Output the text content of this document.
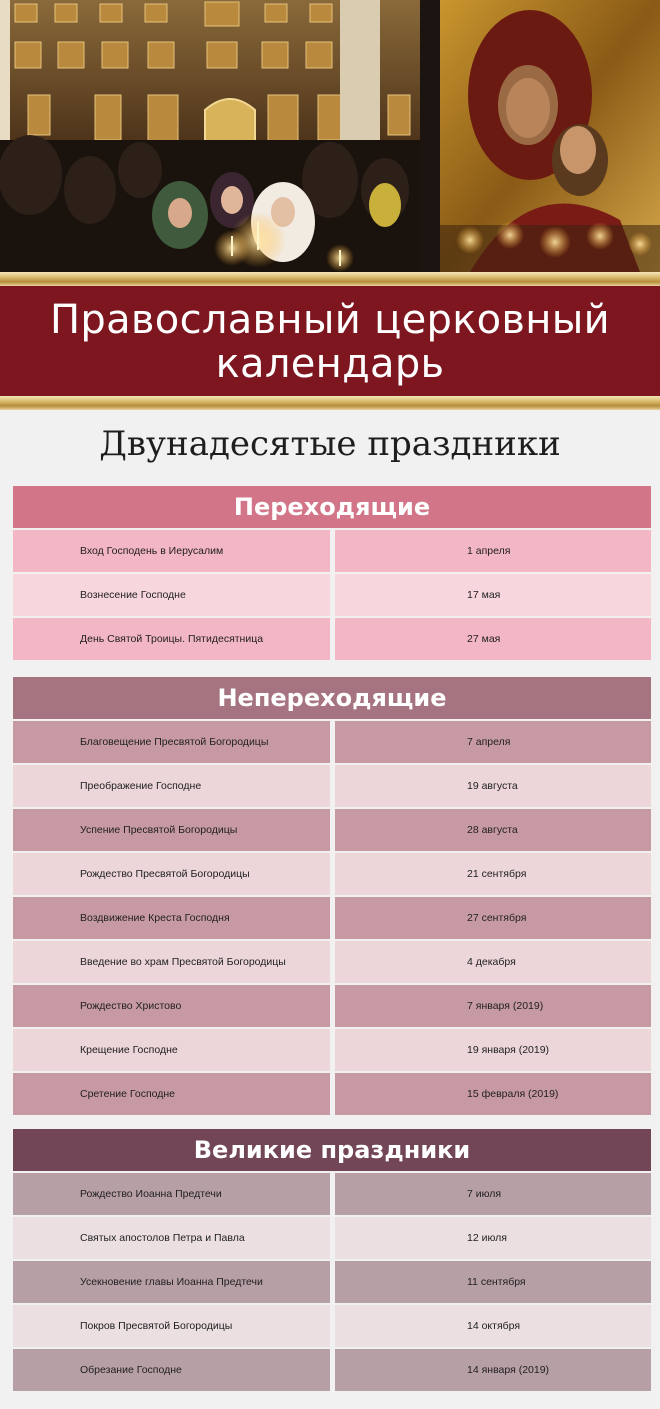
Православный церковный
календарь
Двунадесятые праздники
Переходящие
Вход Господень в Иерусалим	1 апреля
Вознесение Господне	17 мая
День Святой Троицы. Пятидесятница	27 мая
Непереходящие
Благовещение Пресвятой Богородицы	7 апреля
Преображение Господне	19 августа
Успение Пресвятой Богородицы	28 августа
Рождество Пресвятой Богородицы	21 сентября
Воздвижение Креста Господня	27 сентября
Введение во храм Пресвятой Богородицы	4 декабря
Рождество Христово	7 января (2019)
Крещение Господне	19 января (2019)
Сретение Господне	15 февраля (2019)
Великие праздники
Рождество Иоанна Предтечи	7 июля
Святых апостолов Петра и Павла	12 июля
Усекновение главы Иоанна Предтечи	11 сентября
Покров Пресвятой Богородицы	14 октября
Обрезание Господне	14 января (2019)
